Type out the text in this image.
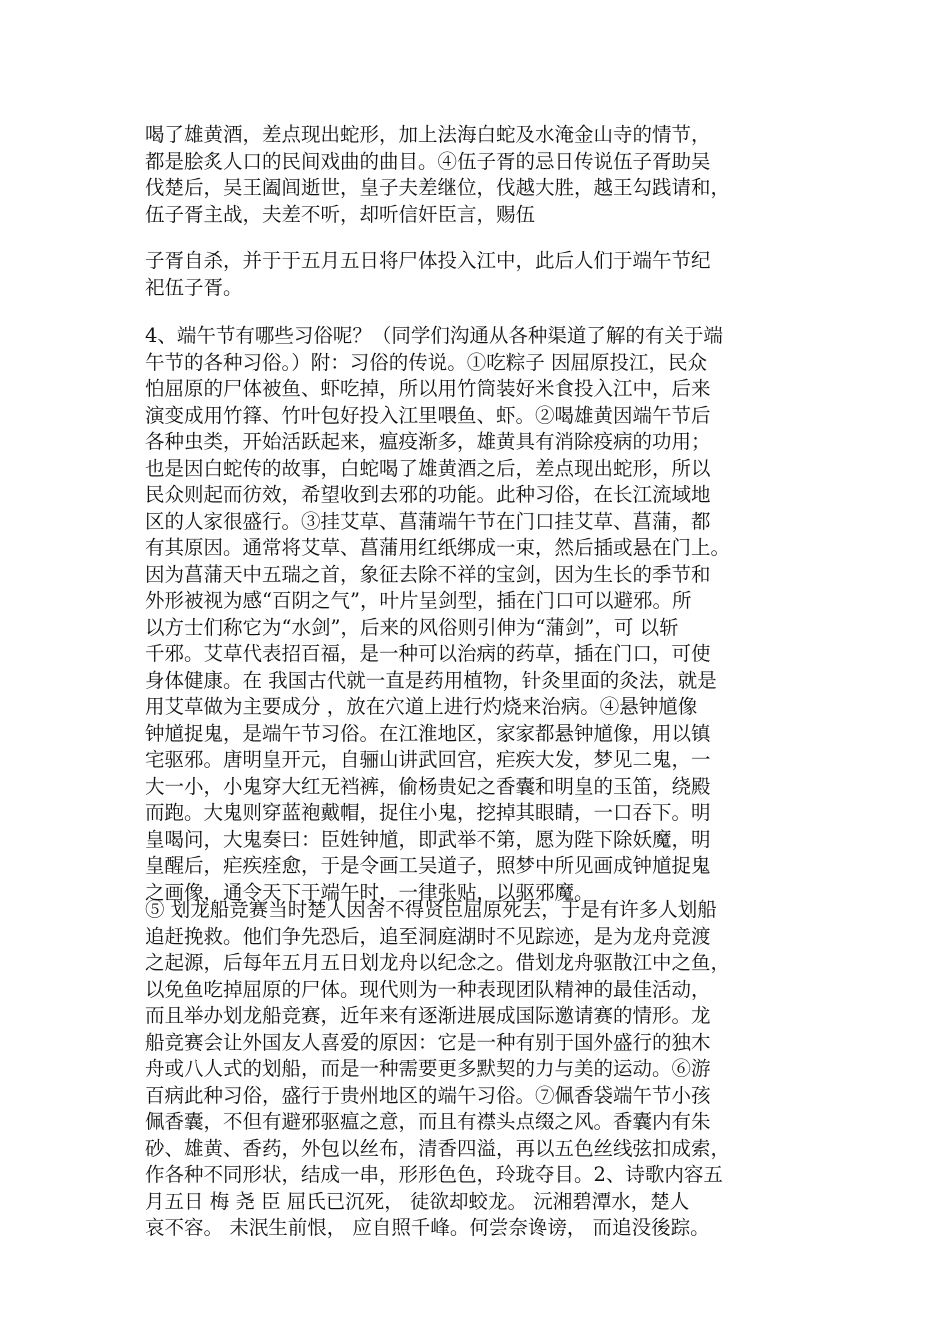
喝了雄黄酒，差点现出蛇形，加上法海白蛇及水淹金山寺的情节，
都是脍炙人口的民间戏曲的曲目。④伍子胥的忌日传说伍子胥助吴
伐楚后，吴王阖闾逝世，皇子夫差继位，伐越大胜，越王勾践请和，
伍子胥主战，夫差不听，却听信奸臣言，赐伍
子胥自杀，并于于五月五日将尸体投入江中，此后人们于端午节纪
祀伍子胥。
4、端午节有哪些习俗呢？（同学们沟通从各种渠道了解的有关于端
午节的各种习俗。）附：习俗的传说。①吃粽子 因屈原投江，民众
怕屈原的尸体被鱼、虾吃掉，所以用竹筒装好米食投入江中，后来
演变成用竹箨、竹叶包好投入江里喂鱼、虾。②喝雄黄因端午节后
各种虫类，开始活跃起来，瘟疫渐多，雄黄具有消除疫病的功用；
也是因白蛇传的故事，白蛇喝了雄黄酒之后，差点现出蛇形，所以
民众则起而彷效，希望收到去邪的功能。此种习俗，在长江流域地
区的人家很盛行。③挂艾草、菖蒲端午节在门口挂艾草、菖蒲，都
有其原因。通常将艾草、菖蒲用红纸绑成一束，然后插或悬在门上。
因为菖蒲天中五瑞之首，象征去除不祥的宝剑，因为生长的季节和
外形被视为感“百阴之气”，叶片呈剑型，插在门口可以避邪。所
以方士们称它为“水剑”，后来的风俗则引伸为“蒲剑”，可 以斩
千邪。艾草代表招百福，是一种可以治病的药草，插在门口，可使
身体健康。在 我国古代就一直是药用植物，针灸里面的灸法，就是
用艾草做为主要成分 ，放在穴道上进行灼烧来治病。④悬钟馗像
钟馗捉鬼，是端午节习俗。在江淮地区，家家都悬钟馗像，用以镇
宅驱邪。唐明皇开元，自骊山讲武回宫，疟疾大发，梦见二鬼，一
大一小，小鬼穿大红无裆裤，偷杨贵妃之香囊和明皇的玉笛，绕殿
而跑。大鬼则穿蓝袍戴帽，捉住小鬼，挖掉其眼睛，一口吞下。明
皇喝问，大鬼奏曰：臣姓钟馗，即武举不第，愿为陛下除妖魔，明
皇醒后，疟疾痊愈，于是令画工吴道子，照梦中所见画成钟馗捉鬼
之画像，通令天下于端午时，一律张贴，以驱邪魔。
⑤ 划龙船竞赛当时楚人因舍不得贤臣屈原死去，于是有许多人划船
追赶挽救。他们争先恐后，追至洞庭湖时不见踪迹，是为龙舟竞渡
之起源，后每年五月五日划龙舟以纪念之。借划龙舟驱散江中之鱼，
以免鱼吃掉屈原的尸体。现代则为一种表现团队精神的最佳活动，
而且举办划龙船竞赛，近年来有逐渐进展成国际邀请赛的情形。龙
船竞赛会让外国友人喜爱的原因：它是一种有别于国外盛行的独木
舟或八人式的划船，而是一种需要更多默契的力与美的运动。⑥游
百病此种习俗，盛行于贵州地区的端午习俗。⑦佩香袋端午节小孩
佩香囊，不但有避邪驱瘟之意，而且有襟头点缀之风。香囊内有朱
砂、雄黄、香药，外包以丝布，清香四溢，再以五色丝线弦扣成索，
作各种不同形状，结成一串，形形色色，玲珑夺目。2、诗歌内容五
月五日 梅 尧 臣 屈氏已沉死， 徒欲却蛟龙。 沅湘碧潭水，楚人
哀不容。 未泯生前恨， 应自照千峰。何尝奈谗谤， 而追没後踪。
